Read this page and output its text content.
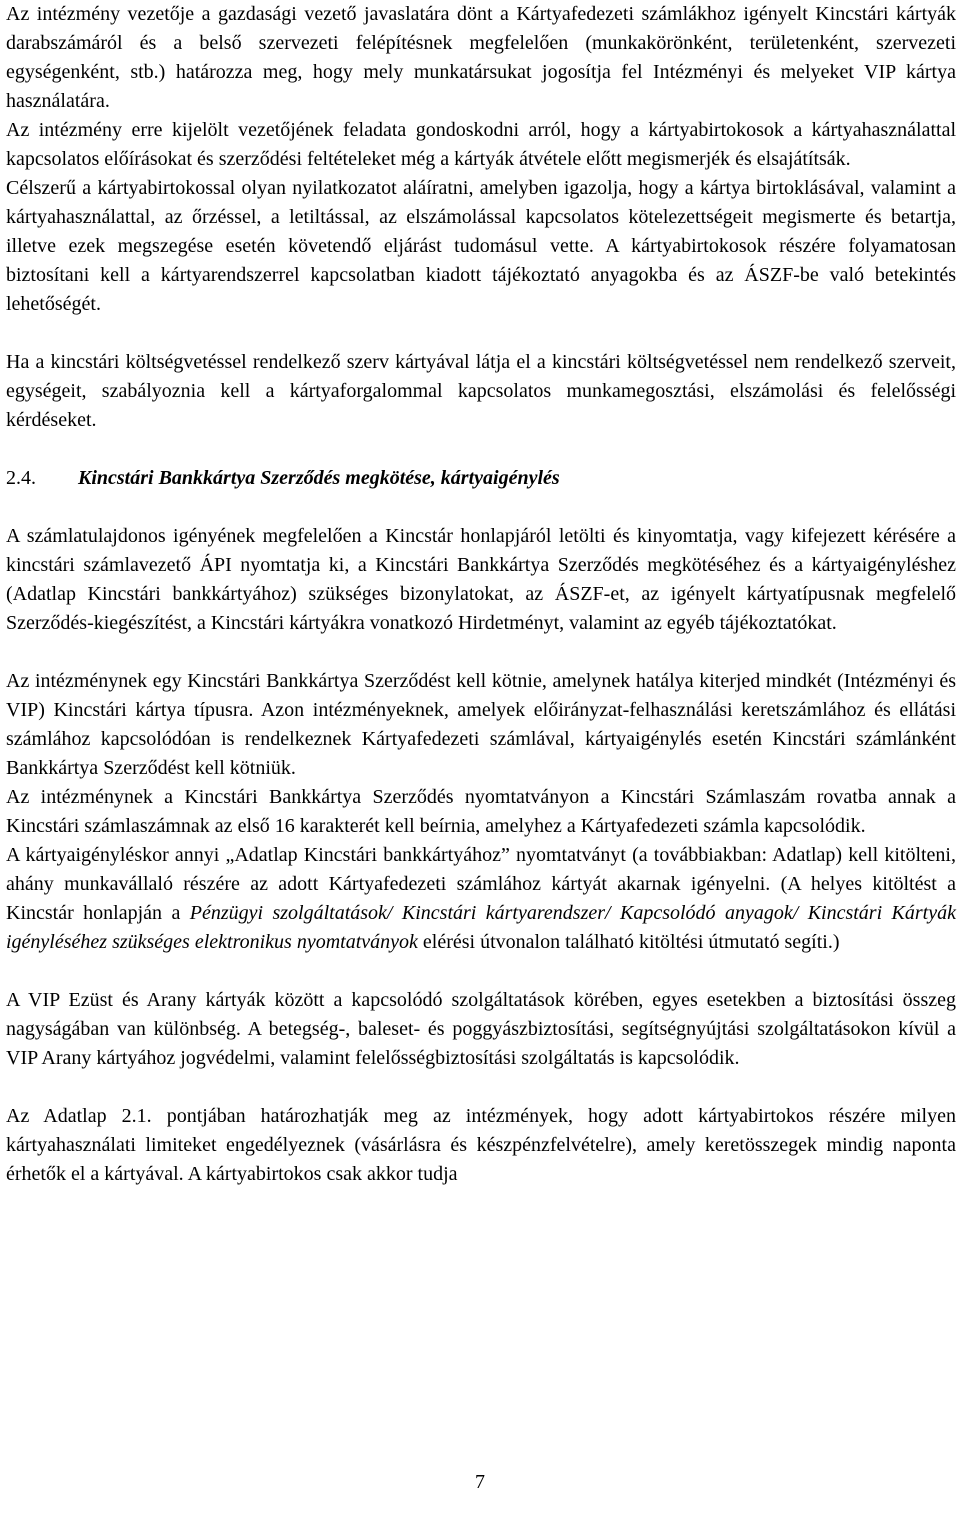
Az intézmény vezetője a gazdasági vezető javaslatára dönt a Kártyafedezeti számlákhoz igényelt Kincstári kártyák darabszámáról és a belső szervezeti felépítésnek megfelelően (munkakörönként, területenként, szervezeti egységenként, stb.) határozza meg, hogy mely munkatársukat jogosítja fel Intézményi és melyeket VIP kártya használatára.

Az intézmény erre kijelölt vezetőjének feladata gondoskodni arról, hogy a kártyabirtokosok a kártyahasználattal kapcsolatos előírásokat és szerződési feltételeket még a kártyák átvétele előtt megismerjék és elsajátítsák.

Célszerű a kártyabirtokossal olyan nyilatkozatot aláíratni, amelyben igazolja, hogy a kártya birtoklásával, valamint a kártyahasználattal, az őrzéssel, a letiltással, az elszámolással kapcsolatos kötelezettségeit megismerte és betartja, illetve ezek megszegése esetén követendő eljárást tudomásul vette. A kártyabirtokosok részére folyamatosan biztosítani kell a kártyarendszerrel kapcsolatban kiadott tájékoztató anyagokba és az ÁSZF-be való betekintés lehetőségét.

Ha a kincstári költségvetéssel rendelkező szerv kártyával látja el a kincstári költségvetéssel nem rendelkező szerveit, egységeit, szabályoznia kell a kártyaforgalommal kapcsolatos munkamegosztási, elszámolási és felelősségi kérdéseket.

2.4. Kincstári Bankkártya Szerződés megkötése, kártyaigénylés

A számlatulajdonos igényének megfelelően a Kincstár honlapjáról letölti és kinyomtatja, vagy kifejezett kérésére a kincstári számlavezető ÁPI nyomtatja ki, a Kincstári Bankkártya Szerződés megkötéséhez és a kártyaigényléshez (Adatlap Kincstári bankkártyához) szükséges bizonylatokat, az ÁSZF-et, az igényelt kártyatípusnak megfelelő Szerződés-kiegészítést, a Kincstári kártyákra vonatkozó Hirdetményt, valamint az egyéb tájékoztatókat.

Az intézménynek egy Kincstári Bankkártya Szerződést kell kötnie, amelynek hatálya kiterjed mindkét (Intézményi és VIP) Kincstári kártya típusra. Azon intézményeknek, amelyek előirányzat-felhasználási keretszámlához és ellátási számlához kapcsolódóan is rendelkeznek Kártyafedezeti számlával, kártyaigénylés esetén Kincstári számlánként Bankkártya Szerződést kell kötniük.

Az intézménynek a Kincstári Bankkártya Szerződés nyomtatványon a Kincstári Számlaszám rovatba annak a Kincstári számlaszámnak az első 16 karakterét kell beírnia, amelyhez a Kártyafedezeti számla kapcsolódik.

A kártyaigényléskor annyi „Adatlap Kincstári bankkártyához” nyomtatványt (a továbbiakban: Adatlap) kell kitölteni, ahány munkavállaló részére az adott Kártyafedezeti számlához kártyát akarnak igényelni. (A helyes kitöltést a Kincstár honlapján a Pénzügyi szolgáltatások/ Kincstári kártyarendszer/ Kapcsolódó anyagok/ Kincstári Kártyák igényléséhez szükséges elektronikus nyomtatványok elérési útvonalon található kitöltési útmutató segíti.)

A VIP Ezüst és Arany kártyák között a kapcsolódó szolgáltatások körében, egyes esetekben a biztosítási összeg nagyságában van különbség. A betegség-, baleset- és poggyászbiztosítási, segítségnyújtási szolgáltatásokon kívül a VIP Arany kártyához jogvédelmi, valamint felelősségbiztosítási szolgáltatás is kapcsolódik.

Az Adatlap 2.1. pontjában határozhatják meg az intézmények, hogy adott kártyabirtokos részére milyen kártyahasználati limiteket engedélyeznek (vásárlásra és készpénzfelvételre), amely keretösszegek mindig naponta érhetők el a kártyával. A kártyabirtokos csak akkor tudja

7
